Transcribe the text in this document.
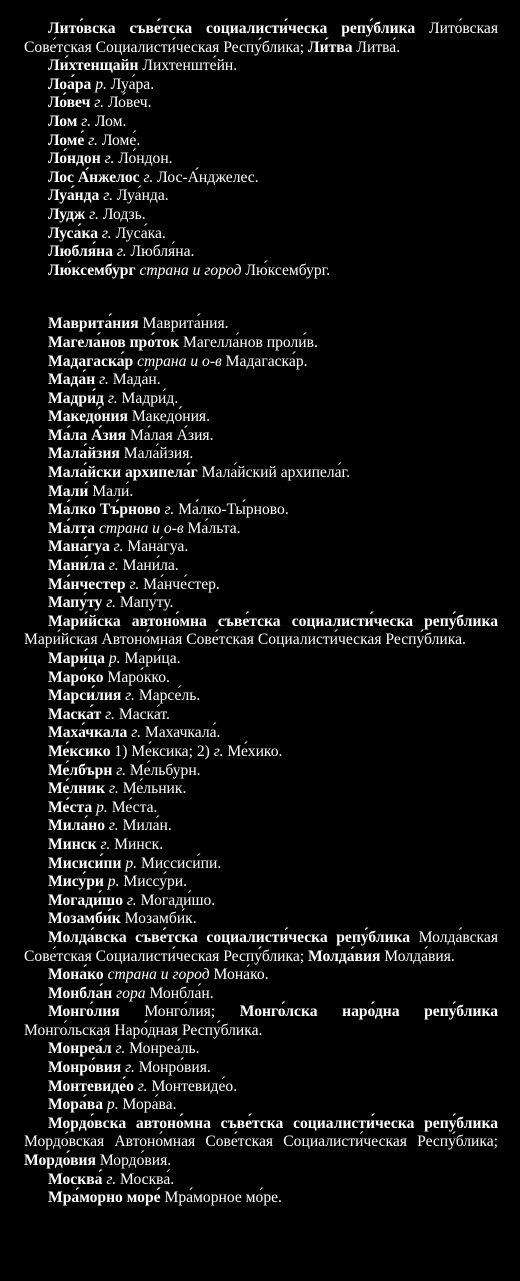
Лито́вска съве́тска социалисти́ческа репу́блика Лито́вская Сове́тская Социалисти́ческая Респу́блика; Ли́тва Литва́.

Ли́хтенщайн Лихтенште́йн.

Лоа́ра р. Луа́ра.

Ло́веч г. Ло́веч.

Лом г. Лом.

Ломе́ г. Ломе́.

Ло́ндон г. Ло́ндон.

Лос А́нжелос г. Лос-А́нджелес.

Луа́нда г. Луа́нда.

Лудж г. Лодзь.

Луса́ка г. Луса́ка.

Любля́на г. Любля́на.

Лю́ксембург страна и город Лю́ксембург.

Маврита́ния Маврита́ния.

Магела́нов про́ток Магелла́нов проли́в.

Мадагаска́р страна и о-в Мадагаска́р.

Мада́н г. Мада́н.

Мадри́д г. Мадри́д.

Македо́ния Македо́ния.

Ма́ла А́зия Ма́лая А́зия.

Мала́йзия Мала́йзия.

Мала́йски архипела́г Мала́йский архипела́г.

Мали́ Мали́.

Ма́лко Тъ́рново г. Ма́лко-Ты́рново.

Ма́лта страна и о-в Ма́льта.

Мана́гуа г. Мана́гуа.

Мани́ла г. Мани́ла.

Ма́нчестер г. Ма́нче́стер.

Мапу́ту г. Мапу́ту.

Мари́йска автоно́мна съве́тска социалисти́ческа репу́блика Мари́йская Автоно́мная Сове́тская Социалисти́ческая Респу́блика.

Мари́ца р. Мари́ца.

Маро́ко Маро́кко.

Марси́лия г. Марсе́ль.

Маска́т г. Маска́т.

Маха́чкала г. Махачкала́.

Ме́ксико 1) Ме́ксика; 2) г. Ме́хико.

Ме́лбърн г. Ме́льбурн.

Ме́лник г. Ме́льник.

Ме́ста р. Ме́ста.

Мила́но г. Мила́н.

Минск г. Минск.

Мисиси́пи р. Миссиси́пи.

Мису́ри р. Миссу́ри.

Могади́шо г. Могади́шо.

Мозамби́к Мозамби́к.

Молда́вска съве́тска социалисти́ческа репу́блика Молда́вская Сове́тская Социалисти́ческая Респу́блика; Молда́вия Молда́вия.

Мона́ко страна и город Мона́ко.

Монбла́н гора Монбла́н.

Монго́лия Монго́лия; Монго́лска наро́дна репу́блика Монго́льская Наро́дная Респу́блика.

Монреа́л г. Монреа́ль.

Монро́вия г. Монро́вия.

Монтевиде́о г. Монтевиде́о.

Мора́ва р. Мора́ва.

Мордо́вска автоно́мна съве́тска социалисти́ческа репу́блика Мордо́вская Автоно́мная Сове́тская Социалисти́ческая Респу́блика; Мордо́вия Мордо́вия.

Москва́ г. Москва́.

Мра́морно море́ Мра́морное мо́ре.
